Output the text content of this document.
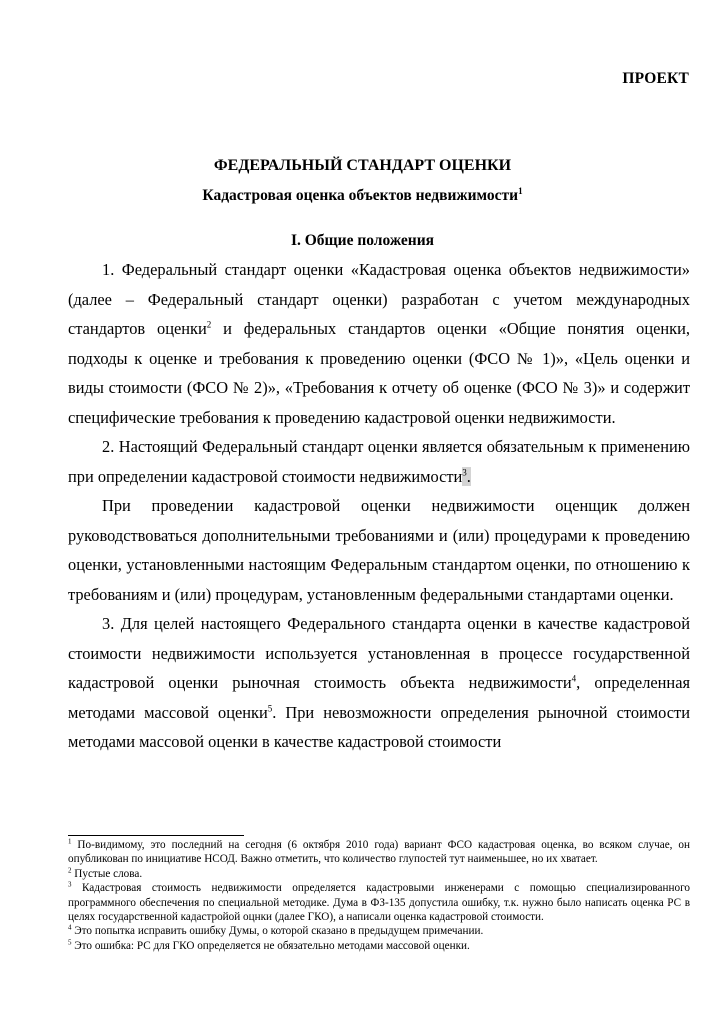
ПРОЕКТ
ФЕДЕРАЛЬНЫЙ СТАНДАРТ ОЦЕНКИ
Кадастровая оценка объектов недвижимости$^1$
I. Общие положения

1. Федеральный стандарт оценки «Кадастровая оценка объектов недвижимости» (далее – Федеральный стандарт оценки) разработан с учетом международных стандартов оценки$^2$ и федеральных стандартов оценки «Общие понятия оценки, подходы к оценке и требования к проведению оценки (ФСО № 1)», «Цель оценки и виды стоимости (ФСО № 2)», «Требования к отчету об оценке (ФСО № 3)» и содержит специфические требования к проведению кадастровой оценки недвижимости.

2. Настоящий Федеральный стандарт оценки является обязательным к применению при определении кадастровой стоимости недвижимости$^3$.

При проведении кадастровой оценки недвижимости оценщик должен руководствоваться дополнительными требованиями и (или) процедурами к проведению оценки, установленными настоящим Федеральным стандартом оценки, по отношению к требованиям и (или) процедурам, установленным федеральными стандартами оценки.

3. Для целей настоящего Федерального стандарта оценки в качестве кадастровой стоимости недвижимости используется установленная в процессе государственной кадастровой оценки рыночная стоимость объекта недвижимости$^4$, определенная методами массовой оценки$^5$. При невозможности определения рыночной стоимости методами массовой оценки в качестве кадастровой стоимости

$^1$ По-видимому, это последний на сегодня (6 октября 2010 года) вариант ФСО кадастровая оценка, во всяком случае, он опубликован по инициативе НСОД. Важно отметить, что количество глупостей тут наименьшее, но их хватает.

$^2$ Пустые слова.

$^3$ Кадастровая стоимость недвижимости определяется кадастровыми инженерами с помощью специализированного программного обеспечения по специальной методике. Дума в ФЗ-135 допустила ошибку, т.к. нужно было написать оценка РС в целях государственной кадастройой оцнки (далее ГКО), а написали оценка кадастровой стоимости.

$^4$ Это попытка исправить ошибку Думы, о которой сказано в предыдущем примечании.

$^5$ Это ошибка: РС для ГКО определяется не обязательно методами массовой оценки.
